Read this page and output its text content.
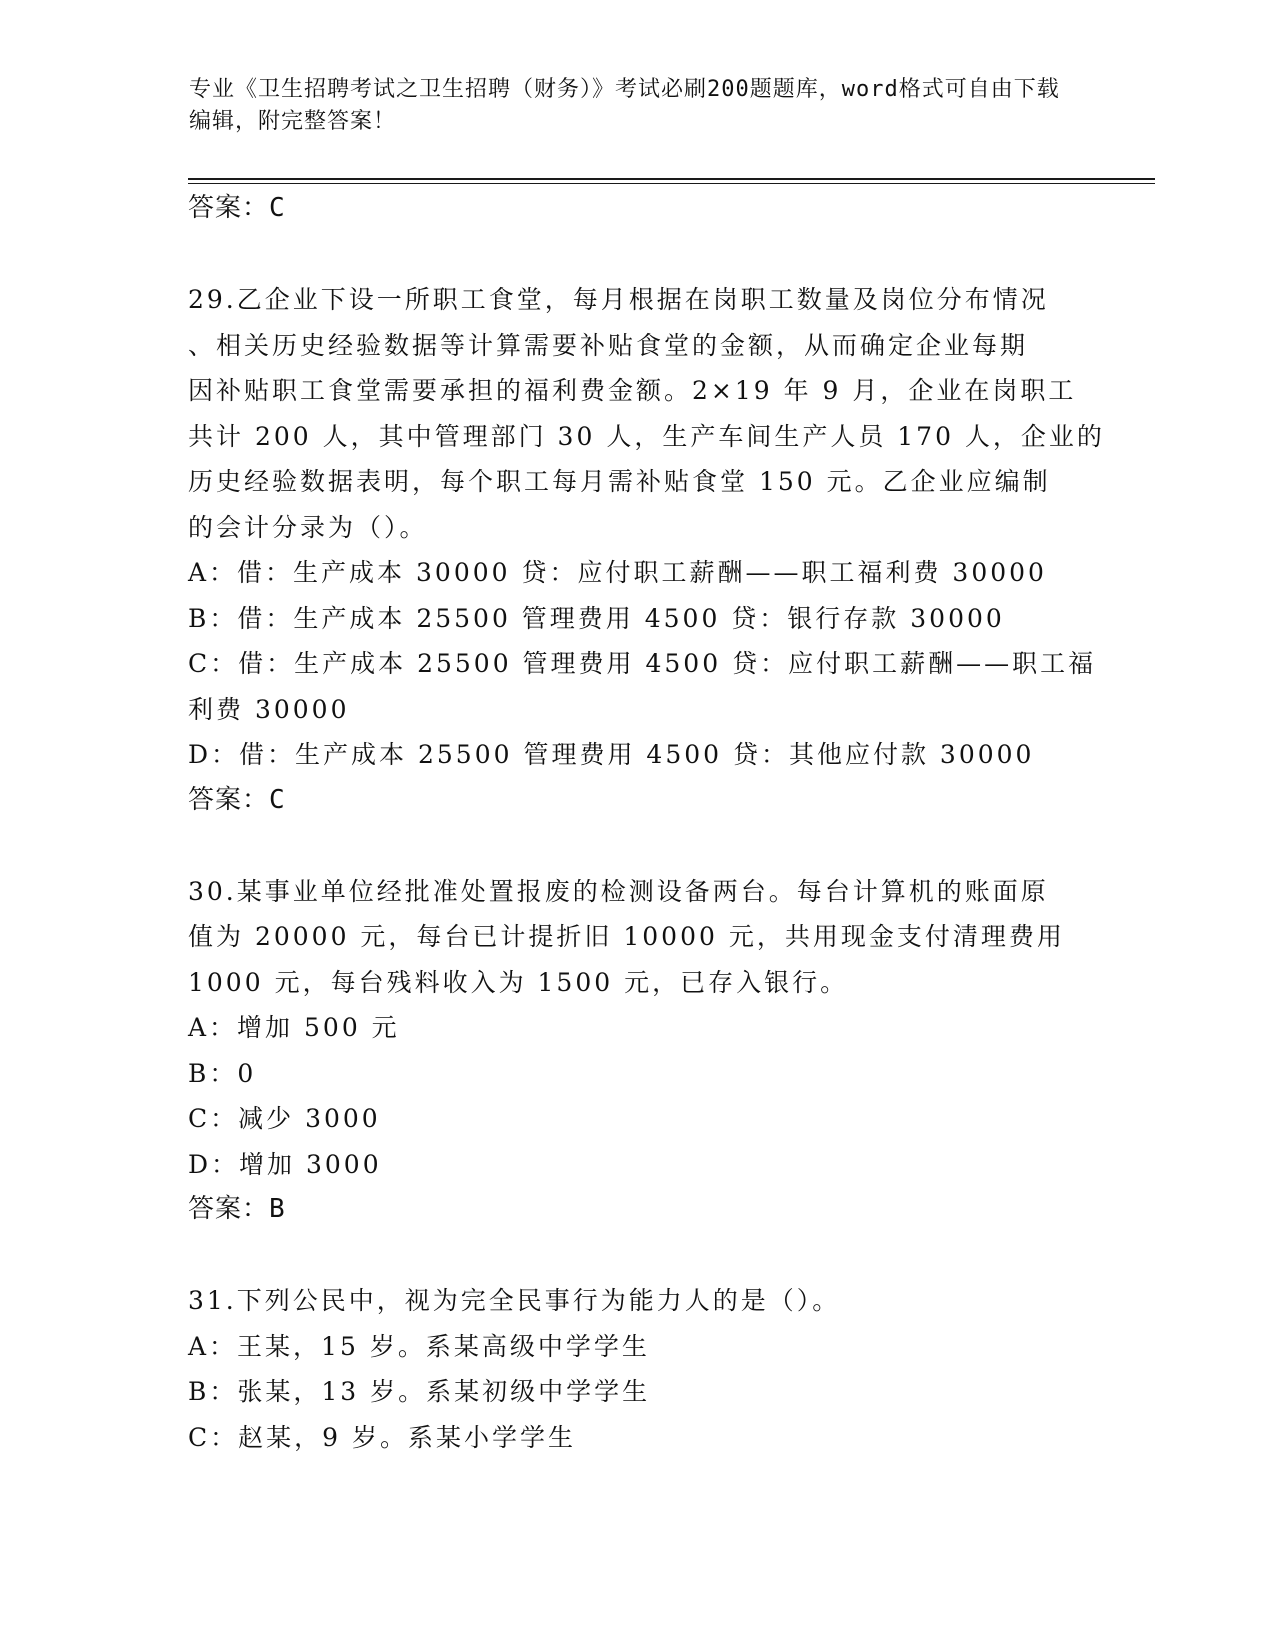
专业《卫生招聘考试之卫生招聘（财务）》考试必刷200题题库，word格式可自由下载编辑，附完整答案！
答案：C
29.乙企业下设一所职工食堂，每月根据在岗职工数量及岗位分布情况
、相关历史经验数据等计算需要补贴食堂的金额，从而确定企业每期
因补贴职工食堂需要承担的福利费金额。2×19 年 9 月，企业在岗职工
共计 200 人，其中管理部门 30 人，生产车间生产人员 170 人，企业的
历史经验数据表明，每个职工每月需补贴食堂 150 元。乙企业应编制
的会计分录为（）。
A：借：生产成本 30000 贷：应付职工薪酬——职工福利费 30000
B：借：生产成本 25500 管理费用 4500 贷：银行存款 30000
C：借：生产成本 25500 管理费用 4500 贷：应付职工薪酬——职工福
利费 30000
D：借：生产成本 25500 管理费用 4500 贷：其他应付款 30000
答案：C
30.某事业单位经批准处置报废的检测设备两台。每台计算机的账面原
值为 20000 元，每台已计提折旧 10000 元，共用现金支付清理费用
1000 元，每台残料收入为 1500 元，已存入银行。
A：增加 500 元
B：0
C：减少 3000
D：增加 3000
答案：B
31.下列公民中，视为完全民事行为能力人的是（）。
A：王某，15 岁。系某高级中学学生
B：张某，13 岁。系某初级中学学生
C：赵某，9 岁。系某小学学生
